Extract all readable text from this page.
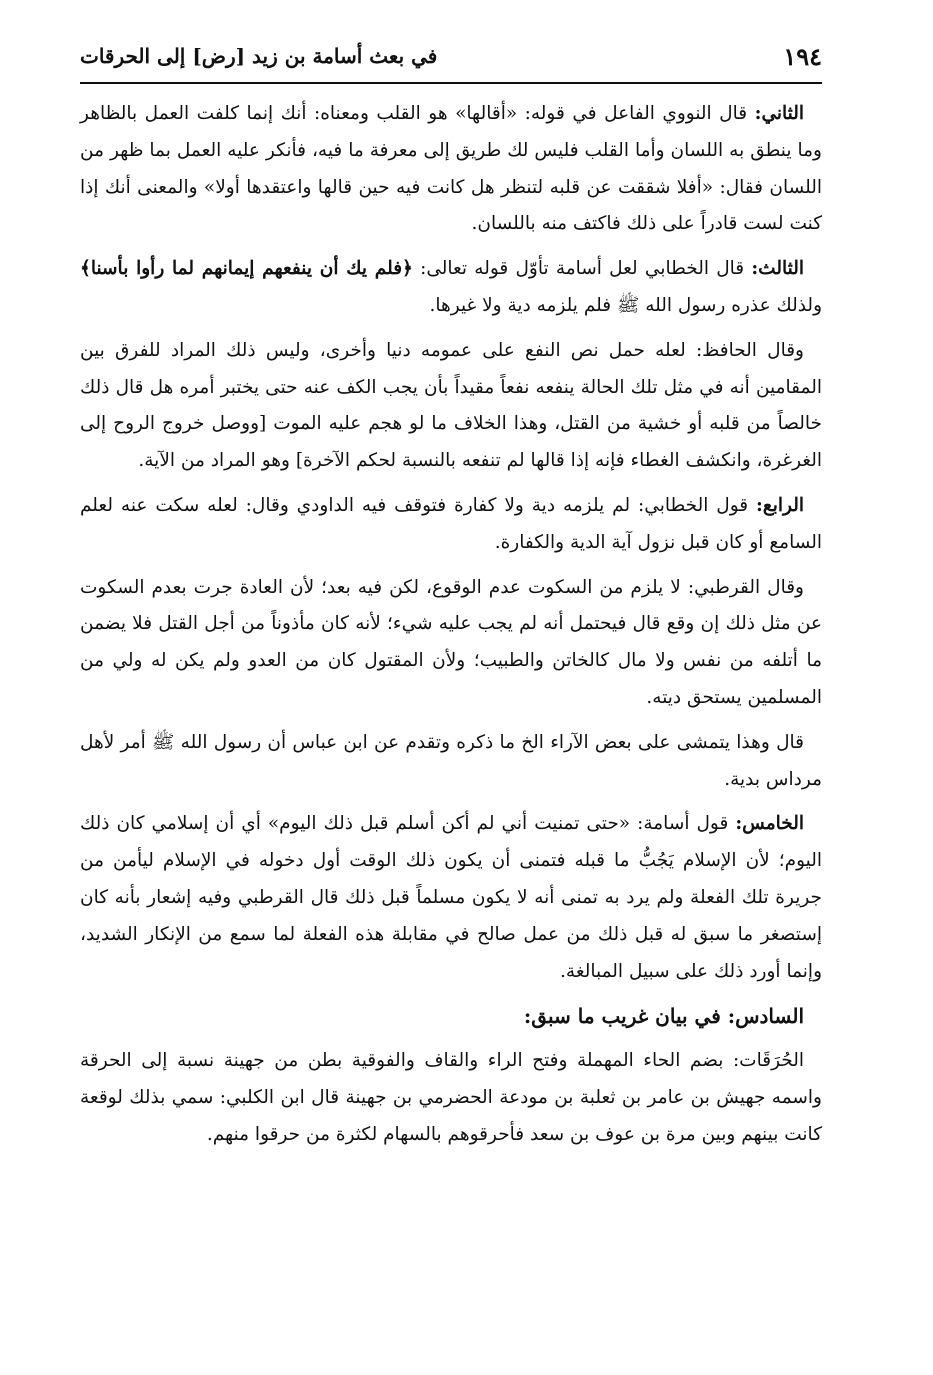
١٩٤
في بعث أسامة بن زيد [رض] إلى الحرقات

الثاني: قال النووي الفاعل في قوله: «أقالها» هو القلب ومعناه: أنك إنما كلفت العمل بالظاهر وما ينطق به اللسان وأما القلب فليس لك طريق إلى معرفة ما فيه، فأنكر عليه العمل بما ظهر من اللسان فقال: «أفلا شققت عن قلبه لتنظر هل كانت فيه حين قالها واعتقدها أولا» والمعنى أنك إذا كنت لست قادراً على ذلك فاكتف منه باللسان.

الثالث: قال الخطابي لعل أسامة تأوّل قوله تعالى: ﴿فلم يك أن ينفعهم إيمانهم لما رأوا بأسنا﴾ ولذلك عذره رسول الله ﷺ فلم يلزمه دية ولا غيرها.

وقال الحافظ: لعله حمل نص النفع على عمومه دنيا وأخرى، وليس ذلك المراد للفرق بين المقامين أنه في مثل تلك الحالة ينفعه نفعاً مقيداً بأن يجب الكف عنه حتى يختبر أمره هل قال ذلك خالصاً من قلبه أو خشية من القتل، وهذا الخلاف ما لو هجم عليه الموت [ووصل خروج الروح إلى الغرغرة، وانكشف الغطاء فإنه إذا قالها لم تنفعه بالنسبة لحكم الآخرة] وهو المراد من الآية.

الرابع: قول الخطابي: لم يلزمه دية ولا كفارة فتوقف فيه الداودي وقال: لعله سكت عنه لعلم السامع أو كان قبل نزول آية الدية والكفارة.

وقال القرطبي: لا يلزم من السكوت عدم الوقوع، لكن فيه بعد؛ لأن العادة جرت بعدم السكوت عن مثل ذلك إن وقع قال فيحتمل أنه لم يجب عليه شيء؛ لأنه كان مأذوناً من أجل القتل فلا يضمن ما أتلفه من نفس ولا مال كالخاتن والطبيب؛ ولأن المقتول كان من العدو ولم يكن له ولي من المسلمين يستحق ديته.

قال وهذا يتمشى على بعض الآراء الخ ما ذكره وتقدم عن ابن عباس أن رسول الله ﷺ أمر لأهل مرداس بدية.

الخامس: قول أسامة: «حتى تمنيت أني لم أكن أسلم قبل ذلك اليوم» أي أن إسلامي كان ذلك اليوم؛ لأن الإسلام يَجُبُّ ما قبله فتمنى أن يكون ذلك الوقت أول دخوله في الإسلام ليأمن من جريرة تلك الفعلة ولم يرد به تمنى أنه لا يكون مسلماً قبل ذلك قال القرطبي وفيه إشعار بأنه كان إستصغر ما سبق له قبل ذلك من عمل صالح في مقابلة هذه الفعلة لما سمع من الإنكار الشديد، وإنما أورد ذلك على سبيل المبالغة.

السادس: في بيان غريب ما سبق:

الحُرَقَات: بضم الحاء المهملة وفتح الراء والقاف والفوقية بطن من جهينة نسبة إلى الحرقة واسمه جهيش بن عامر بن ثعلبة بن مودعة الحضرمي بن جهينة قال ابن الكلبي: سمي بذلك لوقعة كانت بينهم وبين مرة بن عوف بن سعد فأحرقوهم بالسهام لكثرة من حرقوا منهم.
